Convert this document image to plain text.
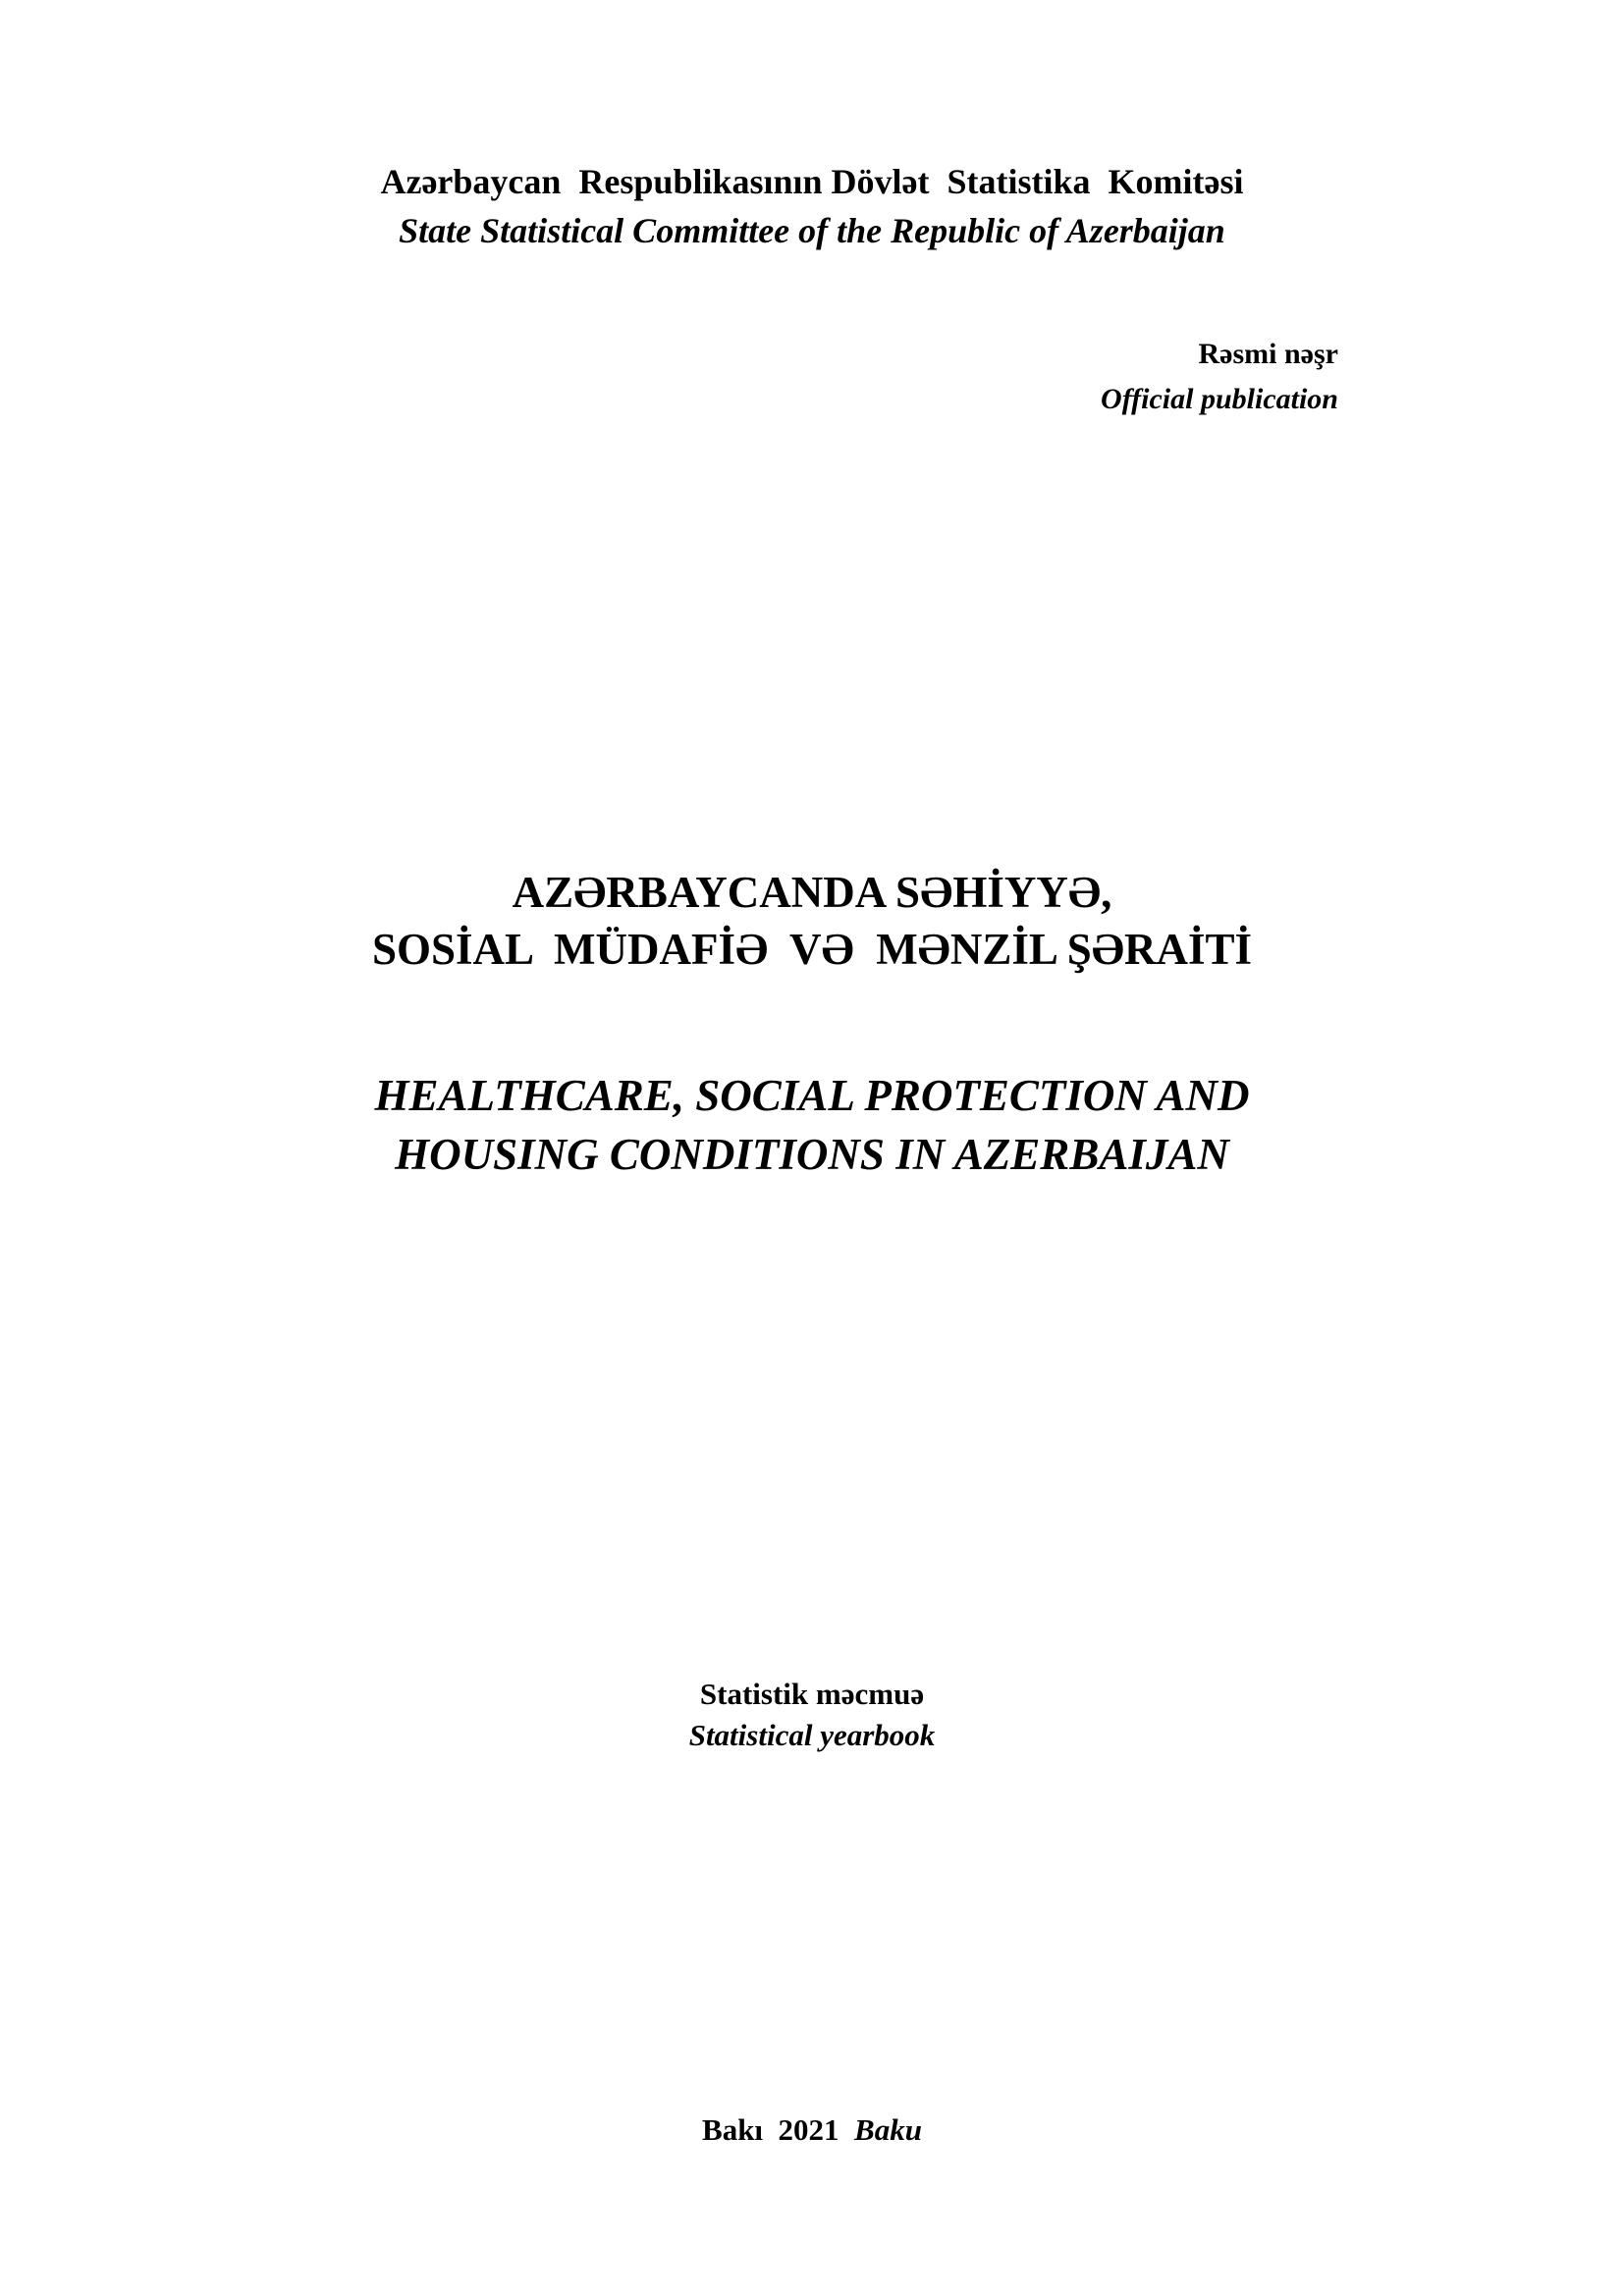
Azərbaycan  Respublikasının Dövlət  Statistika  Komitəsi
State Statistical Committee of the Republic of Azerbaijan
Rəsmi nəşr
Official publication
AZƏRBAYCANDA SƏHİYYƏ,
SOSİAL  MÜDAFİƏ  VƏ  MƏNZİL ŞƏRAİTİ
HEALTHCARE, SOCIAL PROTECTION AND
HOUSING CONDITIONS IN AZERBAIJAN
Statistik məcmuə
Statistical yearbook
Bakı 2021 Baku
